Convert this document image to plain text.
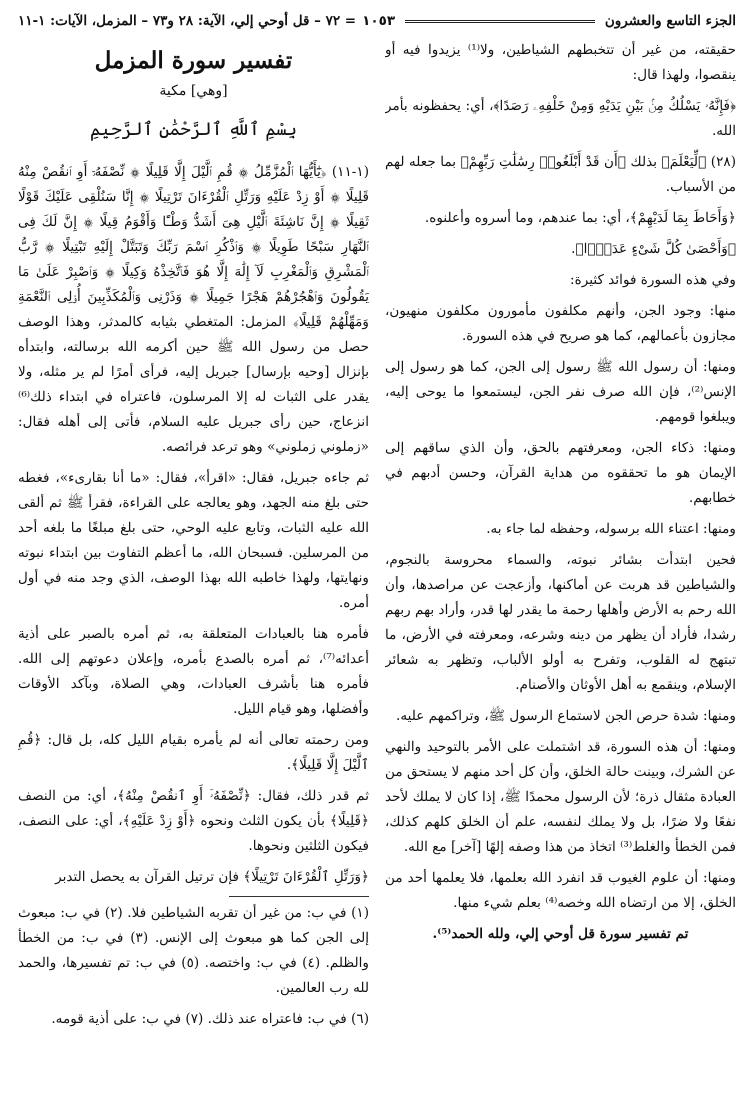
الجزء التاسع والعشرون
١٠٥٣
= ٧٢ – قل أوحي إلي، الآية: ٢٨ و٧٣ – المزمل، الآيات: ١-١١

حقيقته، من غير أن تتخبطهم الشياطين، ولا⁽¹⁾ يزيدوا فيه أو ينقصوا، ولهذا قال:

﴿فَإِنَّهُۥ يَسْلُكُ مِنۢ بَيْنِ يَدَيْهِ وَمِنْ خَلْفِهِۦ رَصَدًا﴾، أي: يحفظونه بأمر الله.

(٢٨) ﴿لِّيَعْلَمَ﴾ بذلك ﴿أَن قَدْ أَبْلَغُوا۟ رِسَٰلَٰتِ رَبِّهِمْ﴾ بما جعله لهم من الأسباب.

﴿وَأَحَاطَ بِمَا لَدَيْهِمْ﴾، أي: بما عندهم، وما أسروه وأعلنوه.

﴿وَأَحْصَىٰ كُلَّ شَىْءٍ عَدَدًۢا﴾.

وفي هذه السورة فوائد كثيرة:

منها: وجود الجن، وأنهم مكلفون مأمورون مكلفون منهيون، مجازون بأعمالهم، كما هو صريح في هذه السورة.

ومنها: أن رسول الله ﷺ رسول إلى الجن، كما هو رسول إلى الإنس⁽²⁾، فإن الله صرف نفر الجن، ليستمعوا ما يوحى إليه، ويبلغوا قومهم.

ومنها: ذكاء الجن، ومعرفتهم بالحق، وأن الذي ساقهم إلى الإيمان هو ما تحققوه من هداية القرآن، وحسن أدبهم في خطابهم.

ومنها: اعتناء الله برسوله، وحفظه لما جاء به.

فحين ابتدأت بشائر نبوته، والسماء محروسة بالنجوم، والشياطين قد هربت عن أماكنها، وأزعجت عن مراصدها، وأن الله رحم به الأرض وأهلها رحمة ما يقدر لها قدر، وأراد بهم ربهم رشدا، فأراد أن يظهر من دينه وشرعه، ومعرفته في الأرض، ما تبتهج له القلوب، وتفرح به أولو الألباب، وتظهر به شعائر الإسلام، وينقمع به أهل الأوثان والأصنام.

ومنها: شدة حرص الجن لاستماع الرسول ﷺ، وتراكمهم عليه.

ومنها: أن هذه السورة، قد اشتملت على الأمر بالتوحيد والنهي عن الشرك، وبينت حالة الخلق، وأن كل أحد منهم لا يستحق من العبادة مثقال ذرة؛ لأن الرسول محمدًا ﷺ، إذا كان لا يملك لأحد نفعًا ولا ضرًا، بل ولا يملك لنفسه، علم أن الخلق كلهم كذلك، فمن الخطأ والغلط⁽³⁾ اتخاذ من هذا وصفه إلهًا [آخر] مع الله.

ومنها: أن علوم الغيوب قد انفرد الله بعلمها، فلا يعلمها أحد من الخلق، إلا من ارتضاه الله وخصه⁽⁴⁾ بعلم شيء منها.

تم تفسير سورة قل أوحي إلي، ولله الحمد⁽⁵⁾.
تفسير سورة المزمل
[وهي] مكية
بِسْمِ ٱللَّهِ ٱلرَّحْمَٰنِ ٱلرَّحِيمِ

(١-١١) ﴿يَٰٓأَيُّهَا ٱلْمُزَّمِّلُ ۞ قُمِ ٱلَّيْلَ إِلَّا قَلِيلًا ۞ نِّصْفَهُۥٓ أَوِ ٱنقُصْ مِنْهُ قَلِيلًا ۞ أَوْ زِدْ عَلَيْهِ وَرَتِّلِ ٱلْقُرْءَانَ تَرْتِيلًا ۞ إِنَّا سَنُلْقِى عَلَيْكَ قَوْلًا ثَقِيلًا ۞ إِنَّ نَاشِئَةَ ٱلَّيْلِ هِىَ أَشَدُّ وَطْـًٔا وَأَقْوَمُ قِيلًا ۞ إِنَّ لَكَ فِى ٱلنَّهَارِ سَبْحًا طَوِيلًا ۞ وَٱذْكُرِ ٱسْمَ رَبِّكَ وَتَبَتَّلْ إِلَيْهِ تَبْتِيلًا ۞ رَّبُّ ٱلْمَشْرِقِ وَٱلْمَغْرِبِ لَآ إِلَٰهَ إِلَّا هُوَ فَٱتَّخِذْهُ وَكِيلًا ۞ وَٱصْبِرْ عَلَىٰ مَا يَقُولُونَ وَٱهْجُرْهُمْ هَجْرًا جَمِيلًا ۞ وَذَرْنِى وَٱلْمُكَذِّبِينَ أُو۟لِى ٱلنَّعْمَةِ وَمَهِّلْهُمْ قَلِيلًا﴾ المزمل: المتغطي بثيابه كالمدثر، وهذا الوصف حصل من رسول الله ﷺ حين أكرمه الله برسالته، وابتدأه بإنزال [وحيه بإرسال] جبريل إليه، فرأى أمرًا لم ير مثله، ولا يقدر على الثبات له إلا المرسلون، فاعتراه في ابتداء ذلك⁽⁶⁾ انزعاج، حين رأى جبريل عليه السلام، فأتى إلى أهله فقال: «زملوني زملوني» وهو ترعد فرائصه.

ثم جاءه جبريل، فقال: «اقرأ»، فقال: «ما أنا بقارىء»، فغطه حتى بلغ منه الجهد، وهو يعالجه على القراءة، فقرأ ﷺ ثم ألقى الله عليه الثبات، وتابع عليه الوحي، حتى بلغ مبلغًا ما بلغه أحد من المرسلين. فسبحان الله، ما أعظم التفاوت بين ابتداء نبوته ونهايتها، ولهذا خاطبه الله بهذا الوصف، الذي وجد منه في أول أمره.

فأمره هنا بالعبادات المتعلقة به، ثم أمره بالصبر على أذية أعدائه⁽⁷⁾، ثم أمره بالصدع بأمره، وإعلان دعوتهم إلى الله. فأمره هنا بأشرف العبادات، وهي الصلاة، وبآكد الأوقات وأفضلها، وهو قيام الليل.

ومن رحمته تعالى أنه لم يأمره بقيام الليل كله، بل قال: ﴿قُمِ ٱلَّيْلَ إِلَّا قَلِيلًا﴾.

ثم قدر ذلك، فقال: ﴿نِّصْفَهُۥٓ أَوِ ٱنقُصْ مِنْهُ﴾، أي: من النصف ﴿قَلِيلًا﴾ بأن يكون الثلث ونحوه ﴿أَوْ زِدْ عَلَيْهِ﴾، أي: على النصف، فيكون الثلثين ونحوها.

﴿وَرَتِّلِ ٱلْقُرْءَانَ تَرْتِيلًا﴾ فإن ترتيل القرآن به يحصل التدبر

(١) في ب: من غير أن تقربه الشياطين فلا. (٢) في ب: مبعوث إلى الجن كما هو مبعوث إلى الإنس. (٣) في ب: من الخطأ والظلم. (٤) في ب: واختصه. (٥) في ب: تم تفسيرها، والحمد لله رب العالمين.

(٦) في ب: فاعتراه عند ذلك. (٧) في ب: على أذية قومه.
